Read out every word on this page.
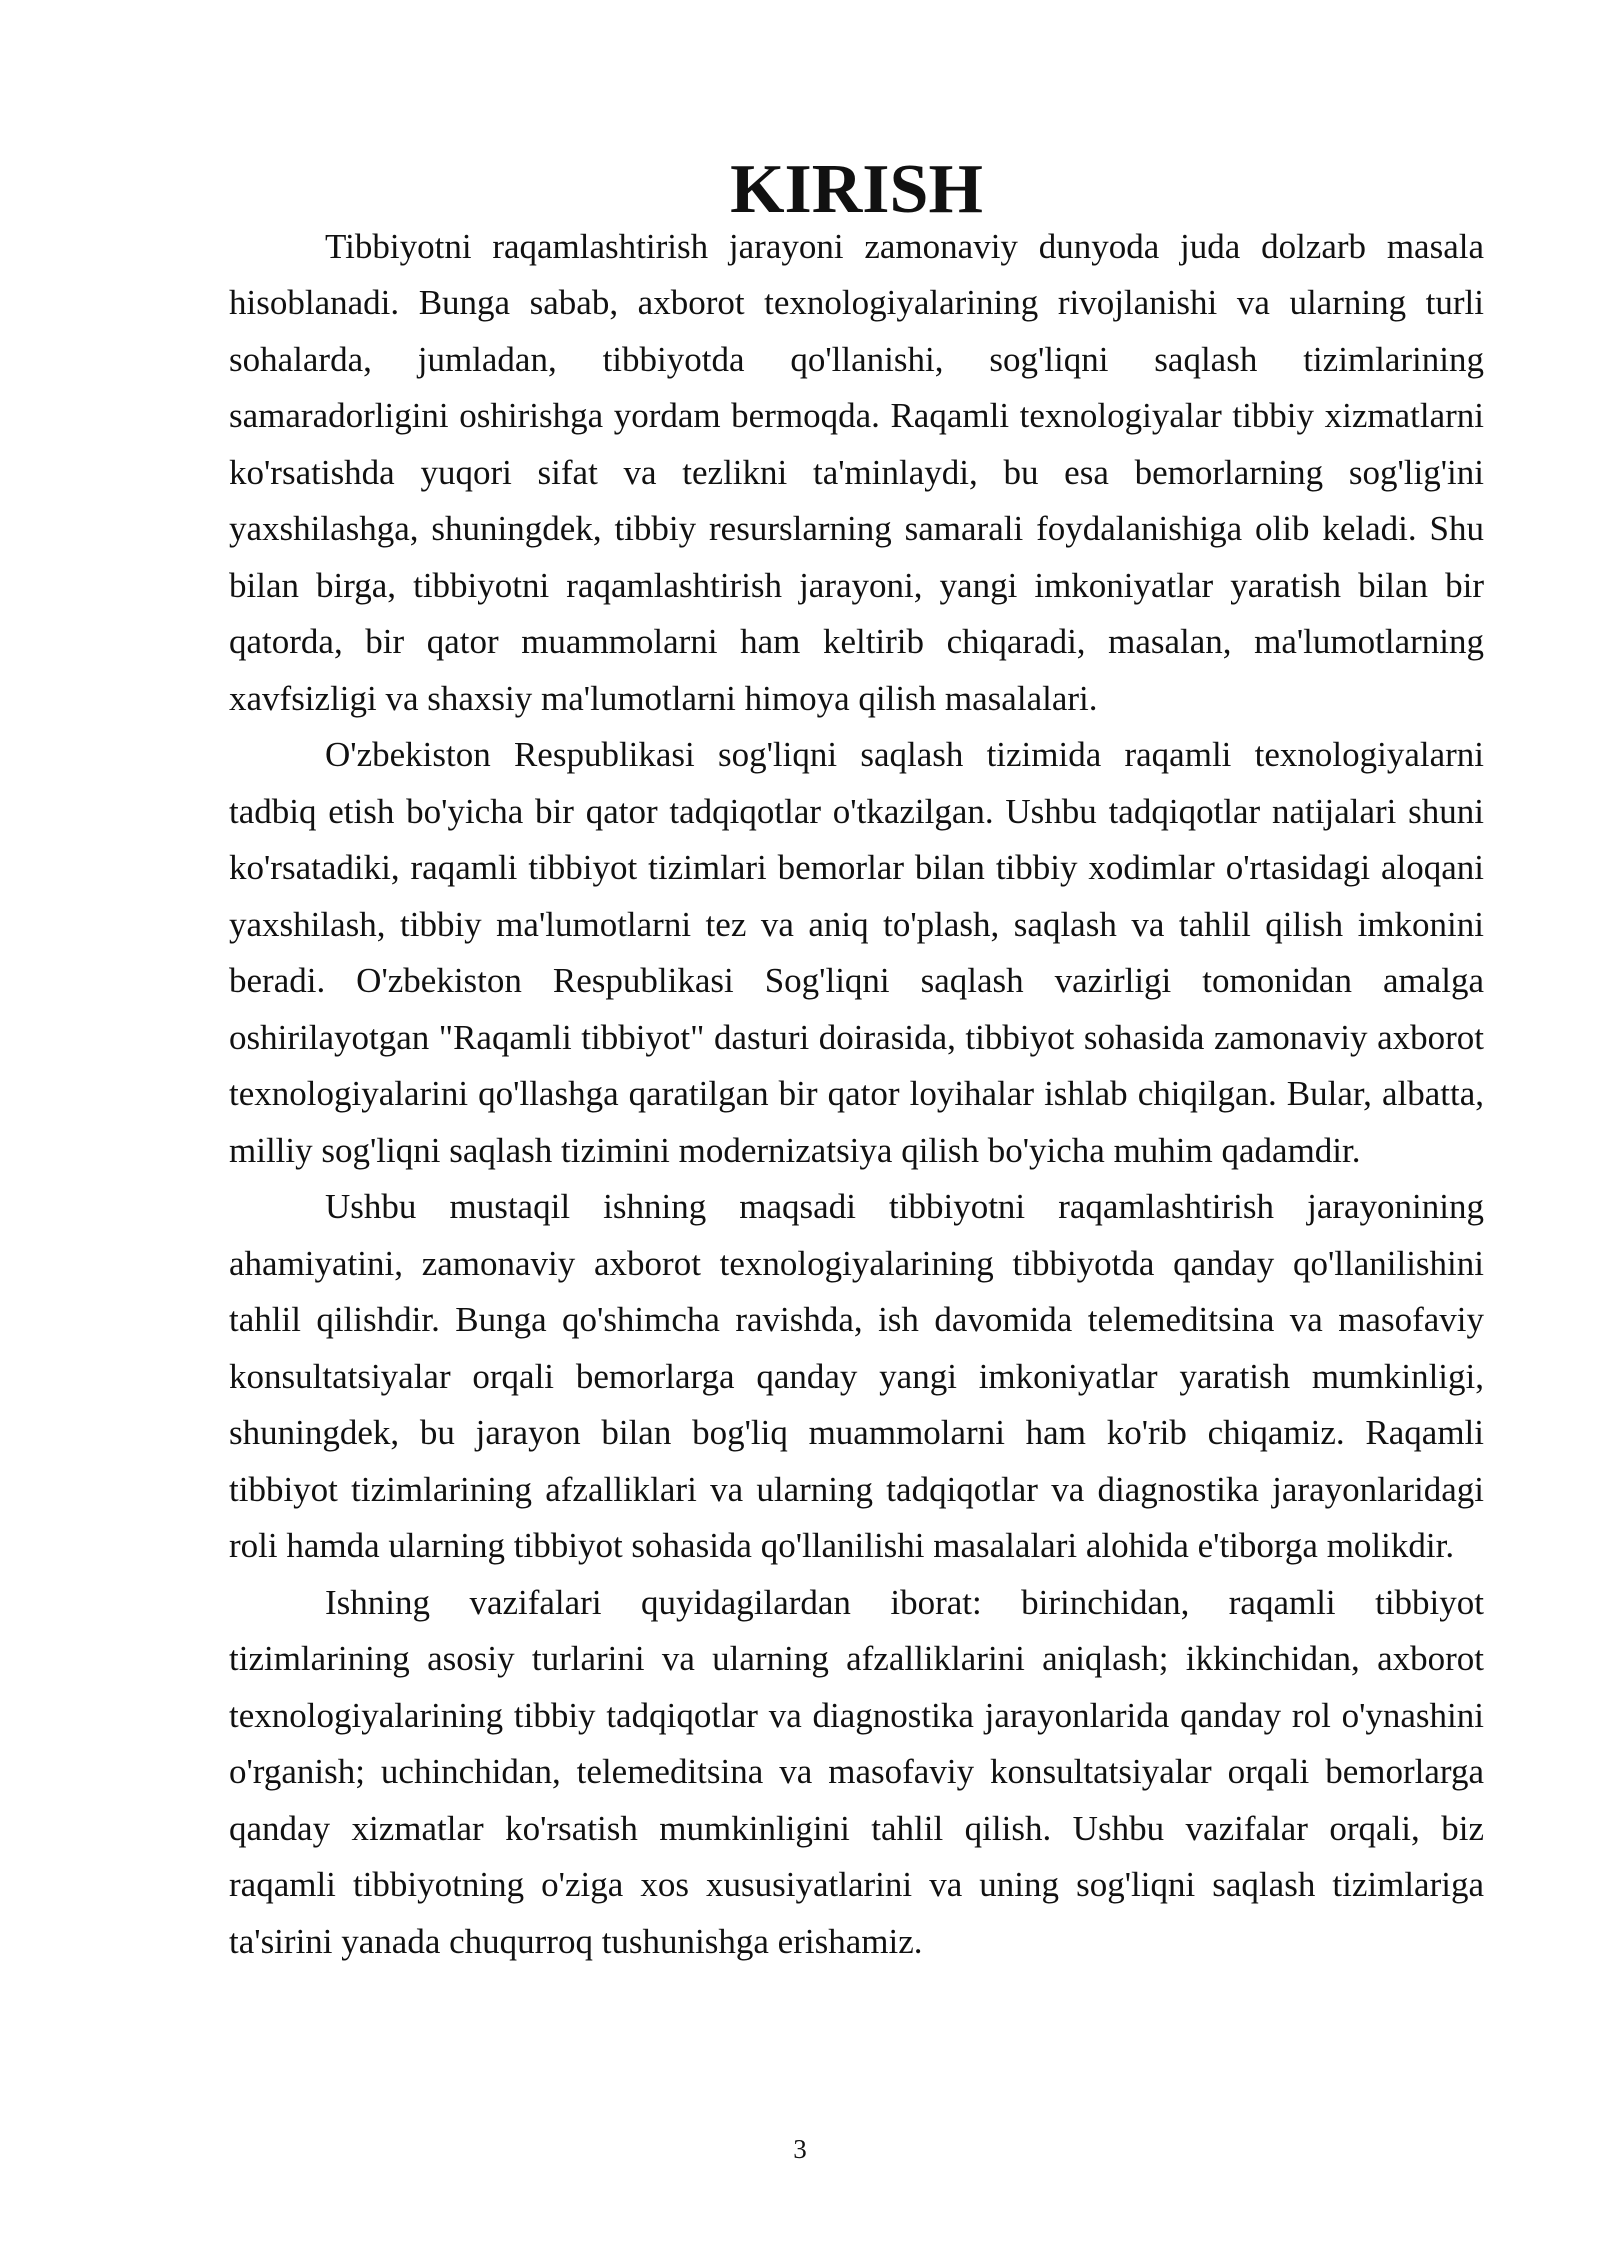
KIRISH

Tibbiyotni raqamlashtirish jarayoni zamonaviy dunyoda juda dolzarb masala hisoblanadi. Bunga sabab, axborot texnologiyalarining rivojlanishi va ularning turli sohalarda, jumladan, tibbiyotda qo'llanishi, sog'liqni saqlash tizimlarining samaradorligini oshirishga yordam bermoqda. Raqamli texnologiyalar tibbiy xizmatlarni ko'rsatishda yuqori sifat va tezlikni ta'minlaydi, bu esa bemorlarning sog'lig'ini yaxshilashga, shuningdek, tibbiy resurslarning samarali foydalanishiga olib keladi. Shu bilan birga, tibbiyotni raqamlashtirish jarayoni, yangi imkoniyatlar yaratish bilan bir qatorda, bir qator muammolarni ham keltirib chiqaradi, masalan, ma'lumotlarning xavfsizligi va shaxsiy ma'lumotlarni himoya qilish masalalari.

O'zbekiston Respublikasi sog'liqni saqlash tizimida raqamli texnologiyalarni tadbiq etish bo'yicha bir qator tadqiqotlar o'tkazilgan. Ushbu tadqiqotlar natijalari shuni ko'rsatadiki, raqamli tibbiyot tizimlari bemorlar bilan tibbiy xodimlar o'rtasidagi aloqani yaxshilash, tibbiy ma'lumotlarni tez va aniq to'plash, saqlash va tahlil qilish imkonini beradi. O'zbekiston Respublikasi Sog'liqni saqlash vazirligi tomonidan amalga oshirilayotgan "Raqamli tibbiyot" dasturi doirasida, tibbiyot sohasida zamonaviy axborot texnologiyalarini qo'llashga qaratilgan bir qator loyihalar ishlab chiqilgan. Bular, albatta, milliy sog'liqni saqlash tizimini modernizatsiya qilish bo'yicha muhim qadamdir.

Ushbu mustaqil ishning maqsadi tibbiyotni raqamlashtirish jarayonining ahamiyatini, zamonaviy axborot texnologiyalarining tibbiyotda qanday qo'llanilishini tahlil qilishdir. Bunga qo'shimcha ravishda, ish davomida telemeditsina va masofaviy konsultatsiyalar orqali bemorlarga qanday yangi imkoniyatlar yaratish mumkinligi, shuningdek, bu jarayon bilan bog'liq muammolarni ham ko'rib chiqamiz. Raqamli tibbiyot tizimlarining afzalliklari va ularning tadqiqotlar va diagnostika jarayonlaridagi roli hamda ularning tibbiyot sohasida qo'llanilishi masalalari alohida e'tiborga molikdir.

Ishning vazifalari quyidagilardan iborat: birinchidan, raqamli tibbiyot tizimlarining asosiy turlarini va ularning afzalliklarini aniqlash; ikkinchidan, axborot texnologiyalarining tibbiy tadqiqotlar va diagnostika jarayonlarida qanday rol o'ynashini o'rganish; uchinchidan, telemeditsina va masofaviy konsultatsiyalar orqali bemorlarga qanday xizmatlar ko'rsatish mumkinligini tahlil qilish. Ushbu vazifalar orqali, biz raqamli tibbiyotning o'ziga xos xususiyatlarini va uning sog'liqni saqlash tizimlariga ta'sirini yanada chuqurroq tushunishga erishamiz.

3
